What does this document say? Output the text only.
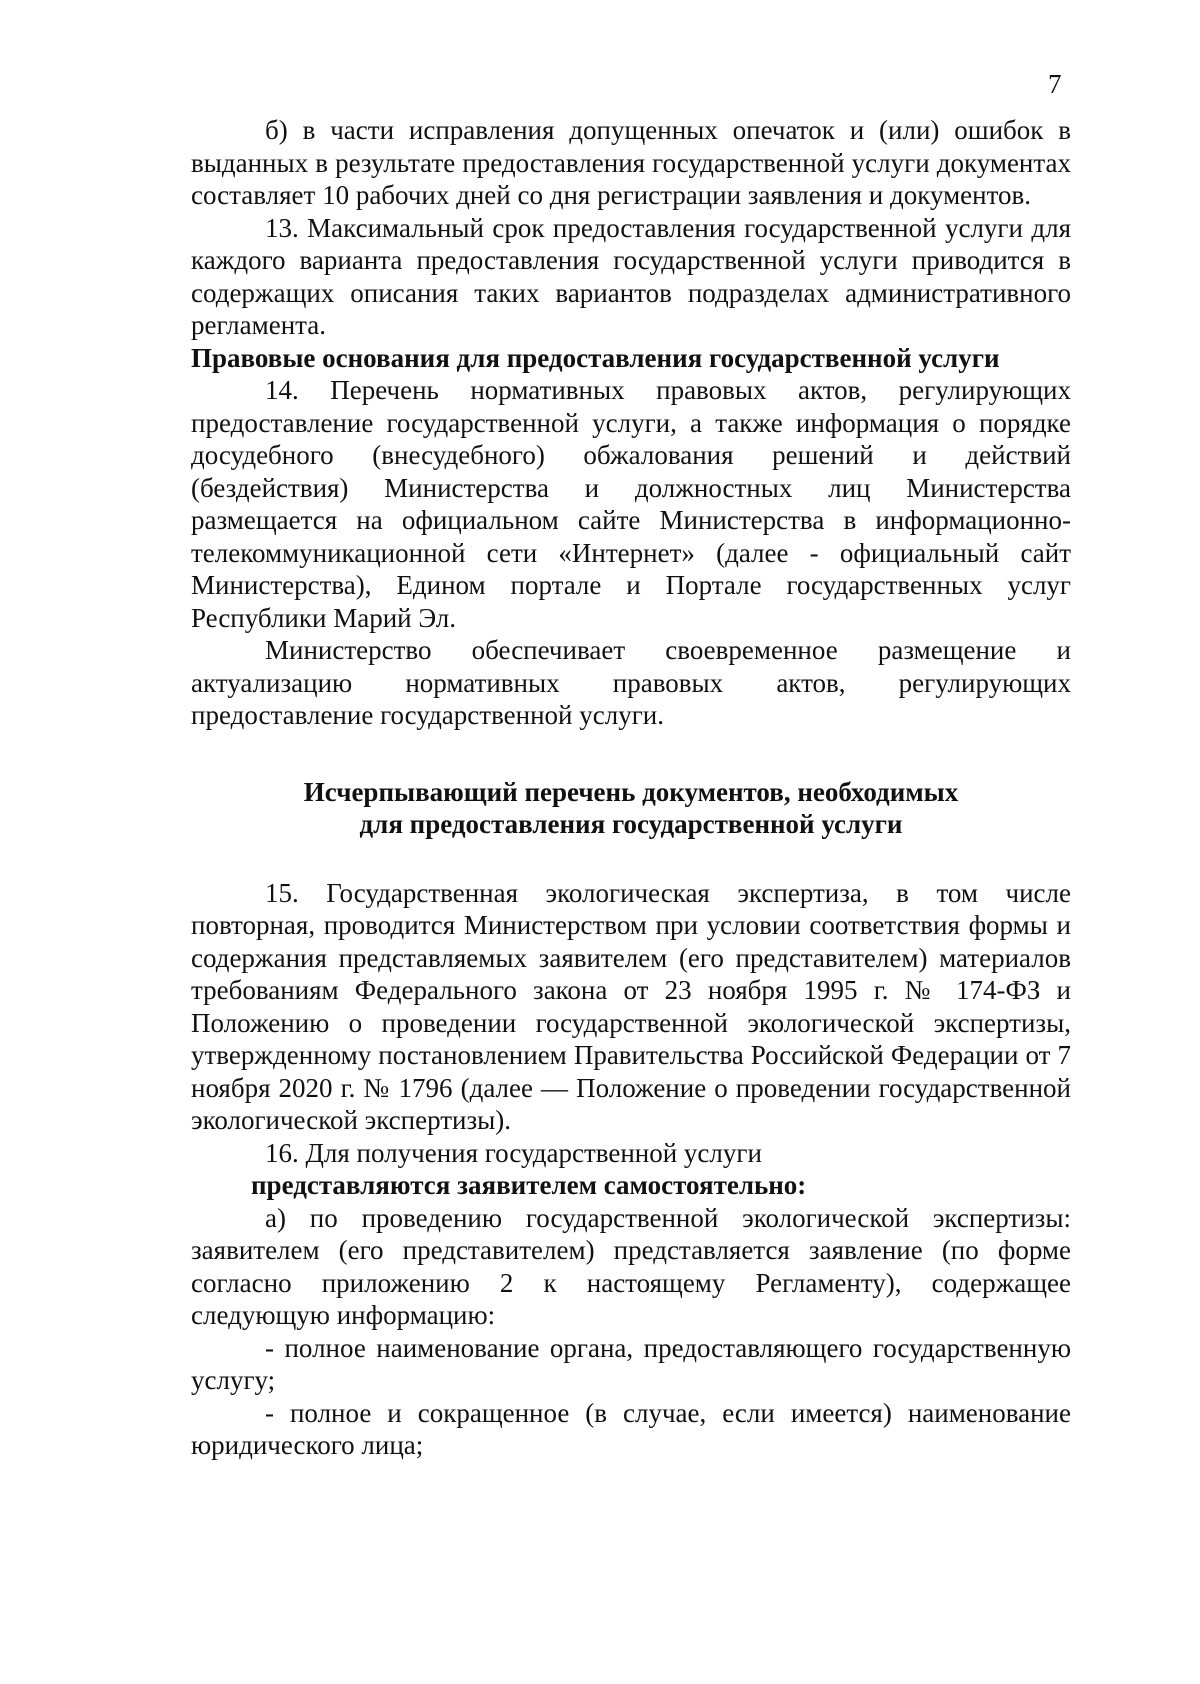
7

б) в части исправления допущенных опечаток и (или) ошибок в выданных в результате предоставления государственной услуги документах составляет 10 рабочих дней со дня регистрации заявления и документов.

13. Максимальный срок предоставления государственной услуги для каждого варианта предоставления государственной услуги приводится в содержащих описания таких вариантов подразделах административного регламента.

Правовые основания для предоставления государственной услуги

14. Перечень нормативных правовых актов, регулирующих предоставление государственной услуги, а также информация о порядке досудебного (внесудебного) обжалования решений и действий (бездействия) Министерства и должностных лиц Министерства размещается на официальном сайте Министерства в информационно-телекоммуникационной сети «Интернет» (далее - официальный сайт Министерства), Едином портале и Портале государственных услуг Республики Марий Эл.

Министерство обеспечивает своевременное размещение и актуализацию нормативных правовых актов, регулирующих предоставление государственной услуги.

Исчерпывающий перечень документов, необходимых
для предоставления государственной услуги

15. Государственная экологическая экспертиза, в том числе повторная, проводится Министерством при условии соответствия формы и содержания представляемых заявителем (его представителем) материалов требованиям Федерального закона от 23 ноября 1995 г. № 174-ФЗ и Положению о проведении государственной экологической экспертизы, утвержденному постановлением Правительства Российской Федерации от 7 ноября 2020 г. № 1796 (далее — Положение о проведении государственной экологической экспертизы).

16. Для получения государственной услуги

представляются заявителем самостоятельно:

а) по проведению государственной экологической экспертизы: заявителем (его представителем) представляется заявление (по форме согласно приложению 2 к настоящему Регламенту), содержащее следующую информацию:

- полное наименование органа, предоставляющего государственную услугу;

- полное и сокращенное (в случае, если имеется) наименование юридического лица;
